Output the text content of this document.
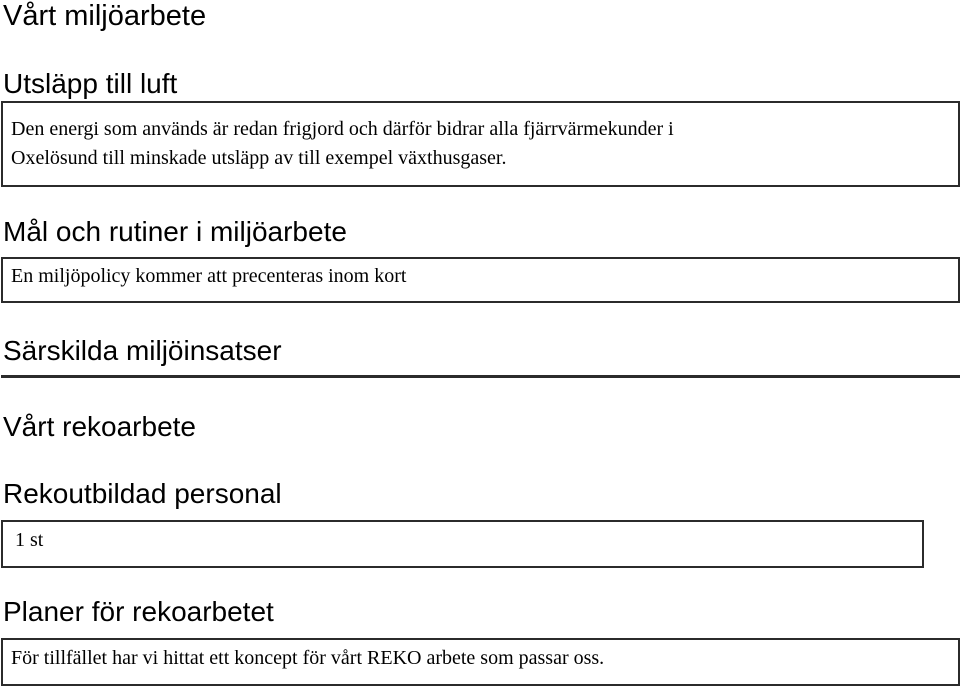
Vårt miljöarbete
Utsläpp till luft
Den energi som används är redan frigjord och därför bidrar alla fjärrvärmekunder i
Oxelösund till minskade utsläpp av till exempel växthusgaser.
Mål och rutiner i miljöarbete
En miljöpolicy kommer att precenteras inom kort
Särskilda miljöinsatser
Vårt rekoarbete
Rekoutbildad personal
1 st
Planer för rekoarbetet
För tillfället har vi hittat ett koncept för vårt REKO arbete som passar oss.
